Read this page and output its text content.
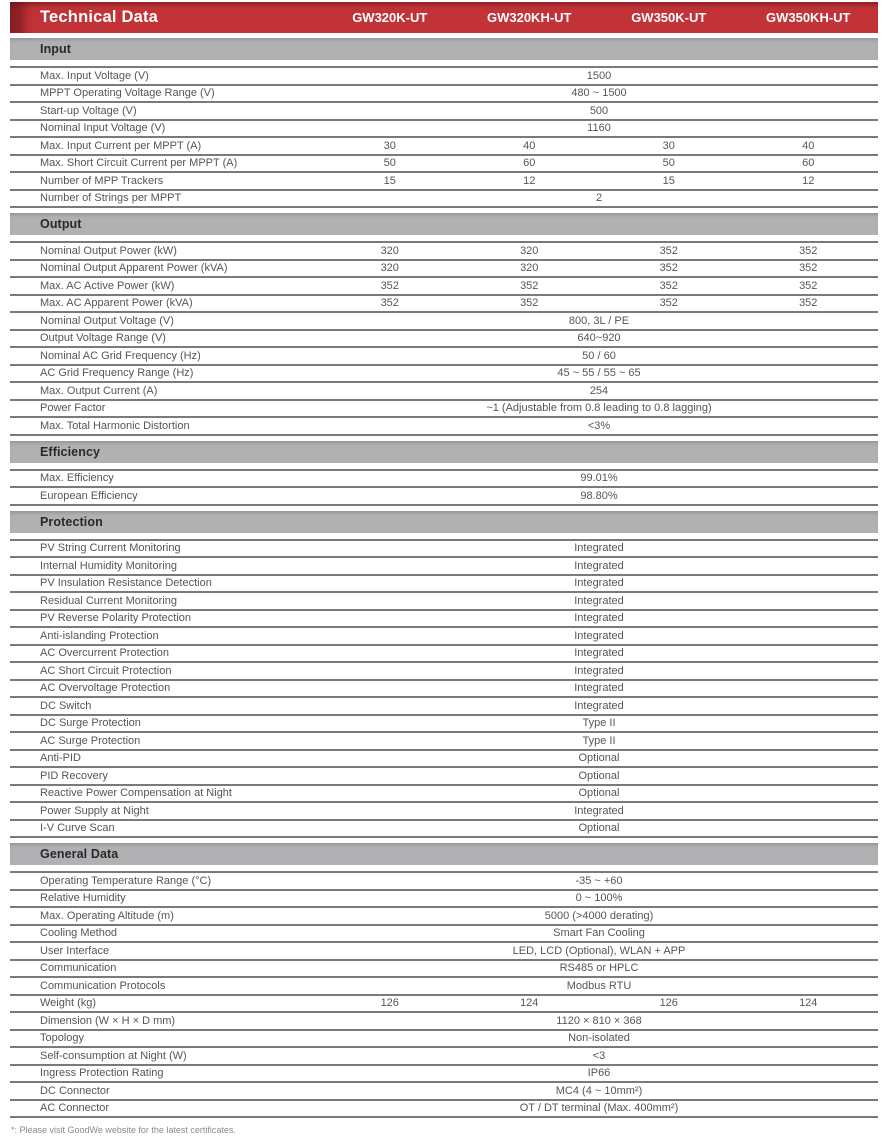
Technical Data	GW320K-UT	GW320KH-UT	GW350K-UT	GW350KH-UT
Input
Max. Input Voltage (V)	1500
MPPT Operating Voltage Range (V)	480 ~ 1500
Start-up Voltage (V)	500
Nominal Input Voltage (V)	1160
Max. Input Current per MPPT (A)	30	40	30	40
Max. Short Circuit Current per MPPT (A)	50	60	50	60
Number of MPP Trackers	15	12	15	12
Number of Strings per MPPT	2
Output
Nominal Output Power (kW)	320	320	352	352
Nominal Output Apparent Power (kVA)	320	320	352	352
Max. AC Active Power (kW)	352	352	352	352
Max. AC Apparent Power (kVA)	352	352	352	352
Nominal Output Voltage (V)	800, 3L / PE
Output Voltage Range (V)	640~920
Nominal AC Grid Frequency (Hz)	50 / 60
AC Grid Frequency Range (Hz)	45 ~ 55 / 55 ~ 65
Max. Output Current (A)	254
Power Factor	~1 (Adjustable from 0.8 leading to 0.8 lagging)
Max. Total Harmonic Distortion	<3%
Efficiency
Max. Efficiency	99.01%
European Efficiency	98.80%
Protection
PV String Current Monitoring	Integrated
Internal Humidity Monitoring	Integrated
PV Insulation Resistance Detection	Integrated
Residual Current Monitoring	Integrated
PV Reverse Polarity Protection	Integrated
Anti-islanding Protection	Integrated
AC Overcurrent Protection	Integrated
AC Short Circuit Protection	Integrated
AC Overvoltage Protection	Integrated
DC Switch	Integrated
DC Surge Protection	Type II
AC Surge Protection	Type II
Anti-PID	Optional
PID Recovery	Optional
Reactive Power Compensation at Night	Optional
Power Supply at Night	Integrated
I-V Curve Scan	Optional
General Data
Operating Temperature Range (°C)	-35 ~ +60
Relative Humidity	0 ~ 100%
Max. Operating Altitude (m)	5000 (>4000 derating)
Cooling Method	Smart Fan Cooling
User Interface	LED, LCD (Optional), WLAN + APP
Communication	RS485 or HPLC
Communication Protocols	Modbus RTU
Weight (kg)	126	124	126	124
Dimension (W × H × D mm)	1120 × 810 × 368
Topology	Non-isolated
Self-consumption at Night (W)	<3
Ingress Protection Rating	IP66
DC Connector	MC4 (4 ~ 10mm²)
AC Connector	OT / DT terminal (Max. 400mm²)
*: Please visit GoodWe website for the latest certificates.
